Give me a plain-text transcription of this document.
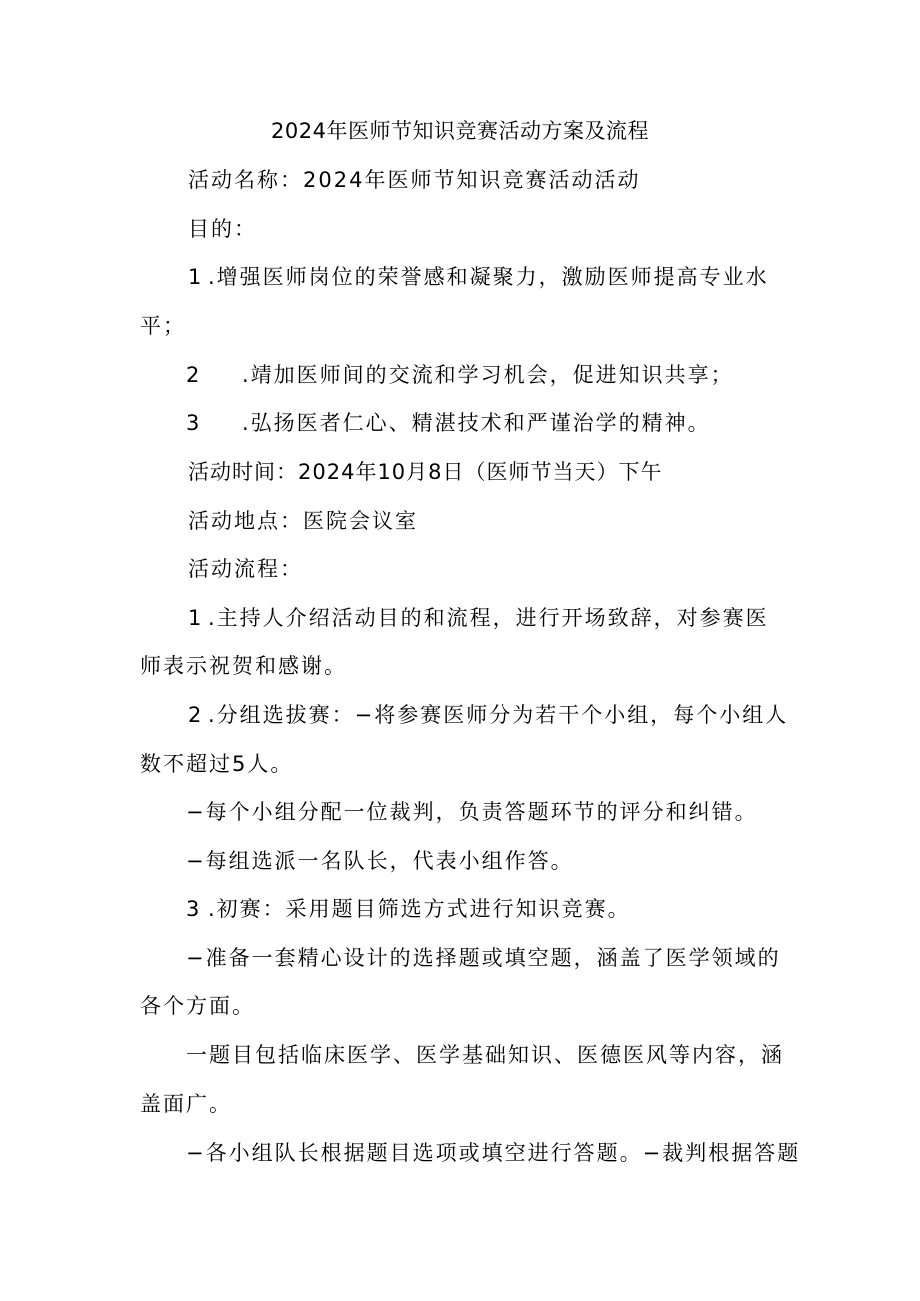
2024年医师节知识竞赛活动方案及流程
活动名称：2024年医师节知识竞赛活动活动
目的：
1 .增强医师岗位的荣誉感和凝聚力，激励医师提高专业水
平；
2 .靖加医师间的交流和学习机会，促进知识共享；
3 .弘扬医者仁心、精湛技术和严谨治学的精神。
活动时间：2024年10月8日（医师节当天）下午
活动地点：医院会议室
活动流程：
1 .主持人介绍活动目的和流程，进行开场致辞，对参赛医
师表示祝贺和感谢。
2 .分组选拔赛：−将参赛医师分为若干个小组，每个小组人
数不超过5人。
−每个小组分配一位裁判，负责答题环节的评分和纠错。
−每组选派一名队长，代表小组作答。
3 .初赛：采用题目筛选方式进行知识竞赛。
−准备一套精心设计的选择题或填空题，涵盖了医学领域的
各个方面。
一题目包括临床医学、医学基础知识、医德医风等内容，涵
盖面广。
−各小组队长根据题目选项或填空进行答题。−裁判根据答题
